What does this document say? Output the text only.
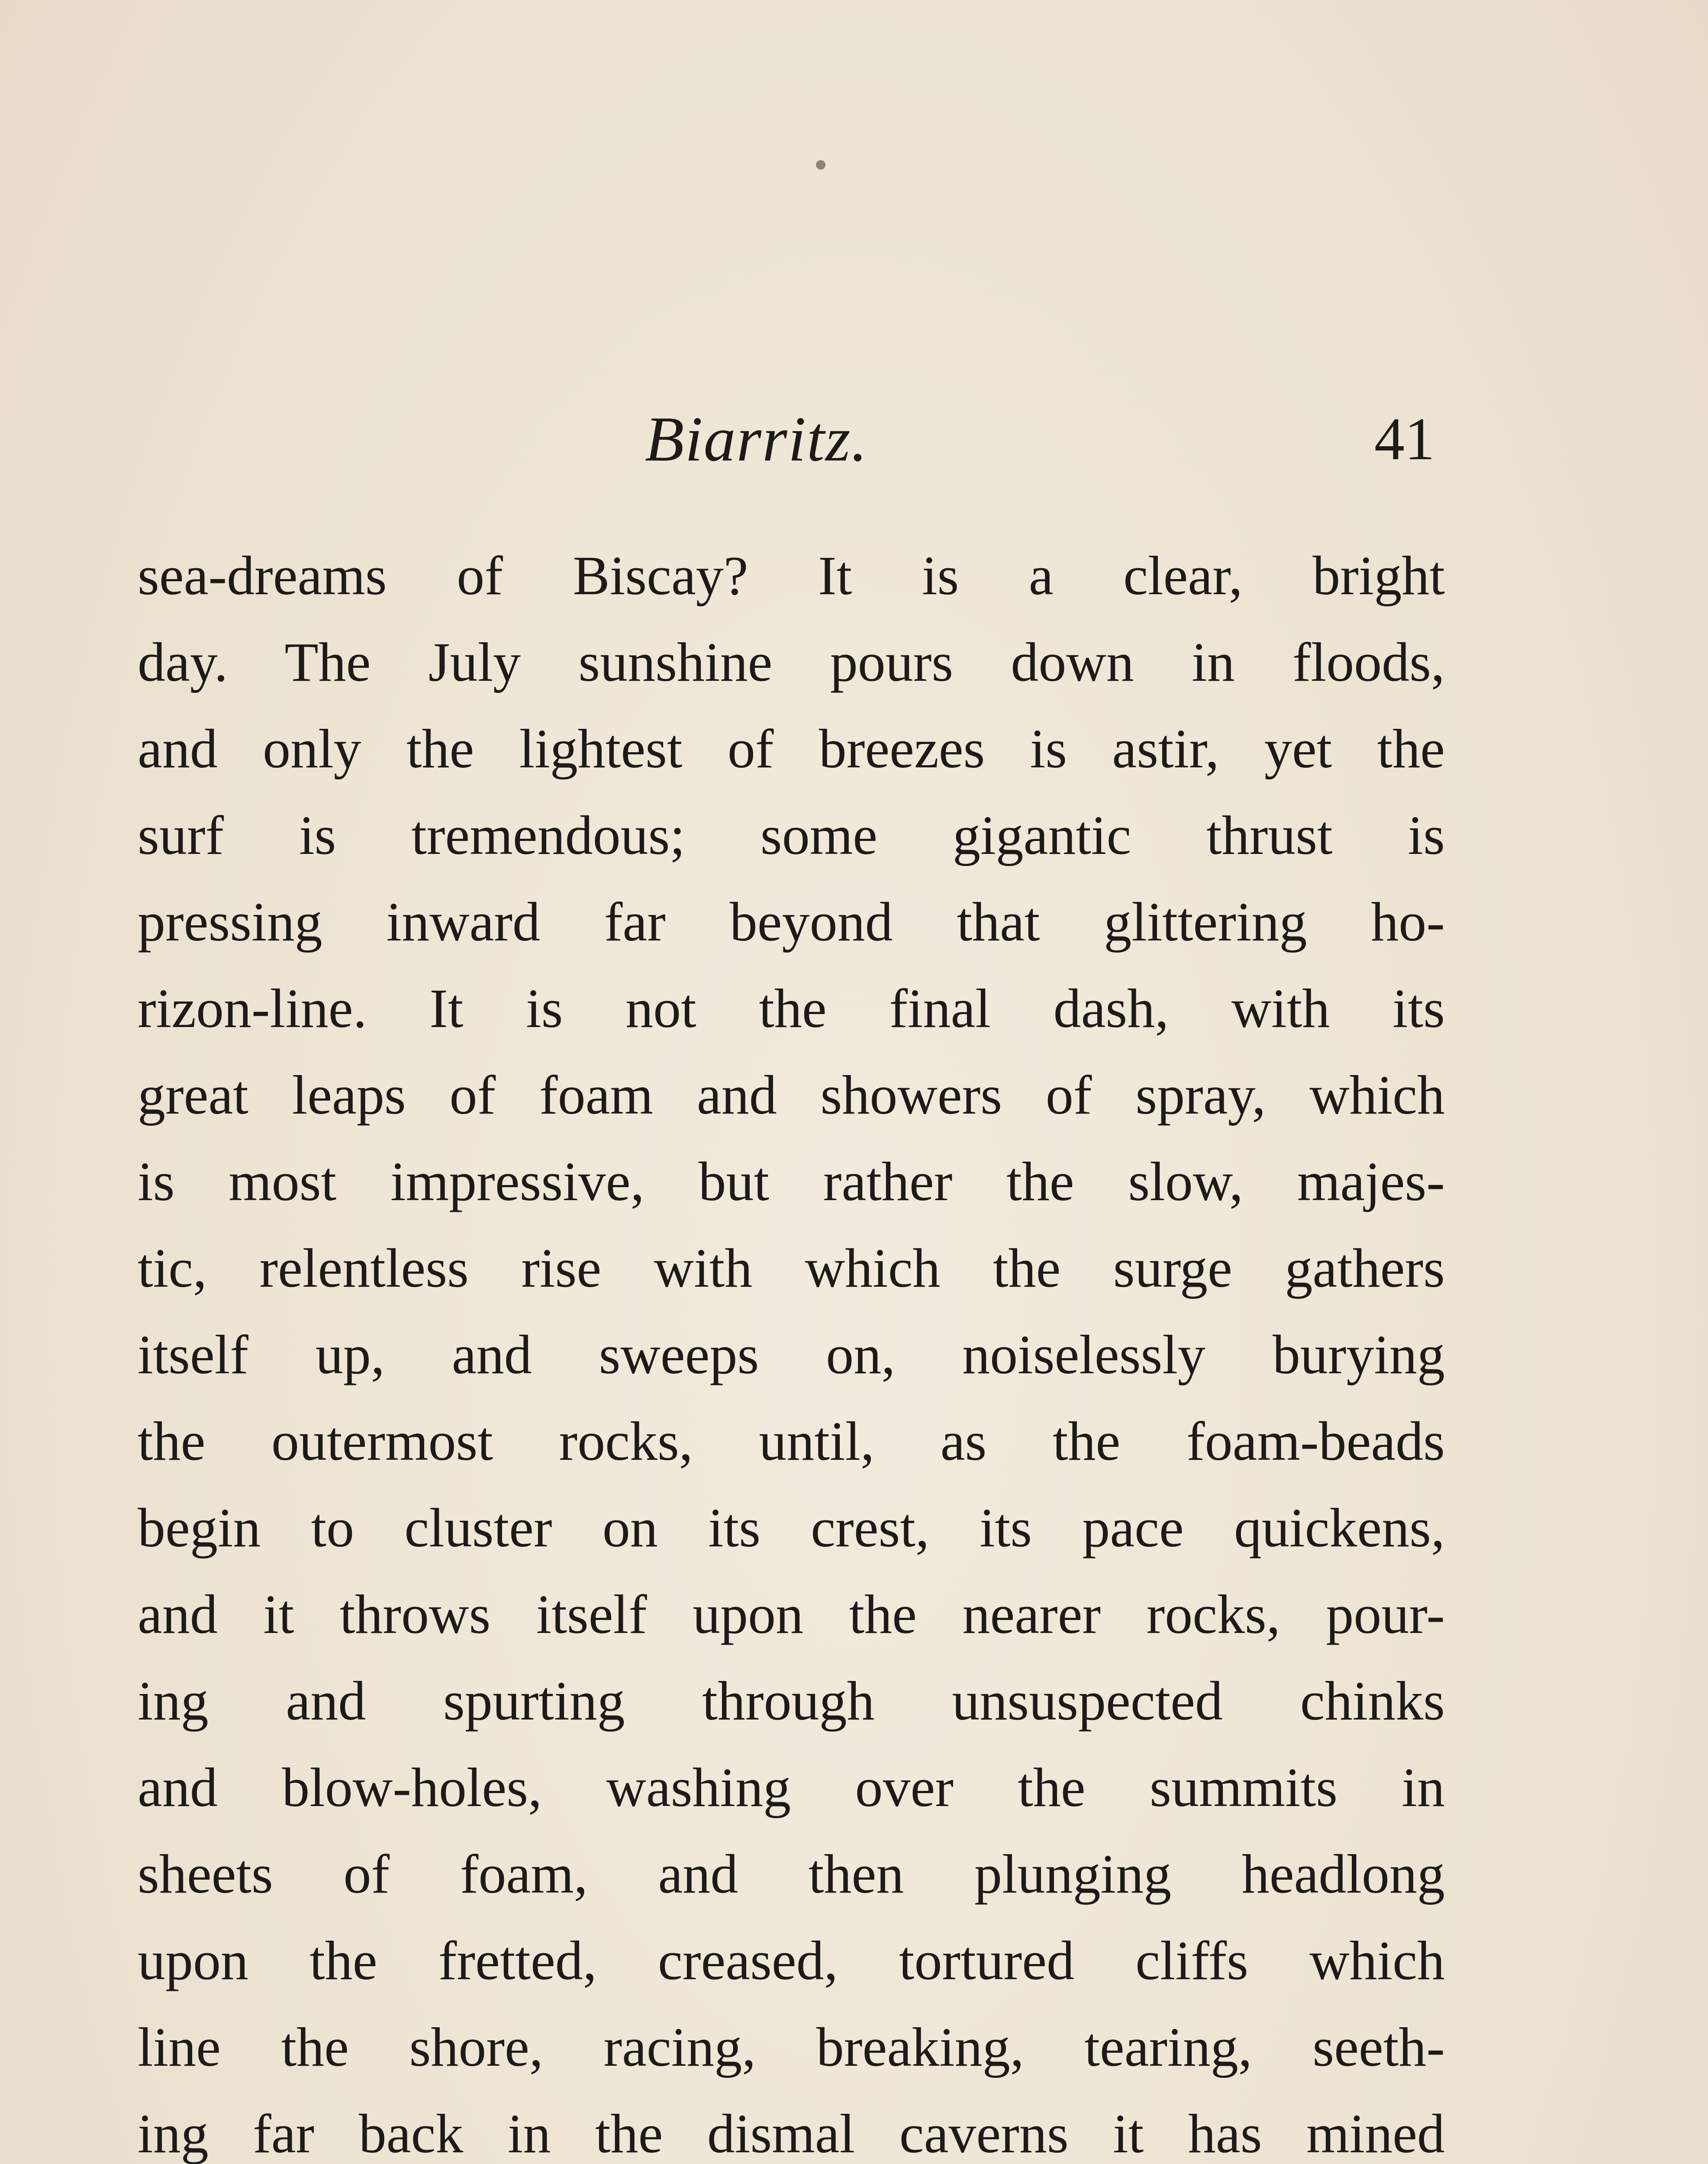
Biarritz.	41
sea-dreams of Biscay? It is a clear, bright
day. The July sunshine pours down in floods,
and only the lightest of breezes is astir, yet the
surf is tremendous; some gigantic thrust is
pressing inward far beyond that glittering ho-
rizon-line. It is not the final dash, with its
great leaps of foam and showers of spray, which
is most impressive, but rather the slow, majes-
tic, relentless rise with which the surge gathers
itself up, and sweeps on, noiselessly burying
the outermost rocks, until, as the foam-beads
begin to cluster on its crest, its pace quickens,
and it throws itself upon the nearer rocks, pour-
ing and spurting through unsuspected chinks
and blow-holes, washing over the summits in
sheets of foam, and then plunging headlong
upon the fretted, creased, tortured cliffs which
line the shore, racing, breaking, tearing, seeth-
ing far back in the dismal caverns it has mined
